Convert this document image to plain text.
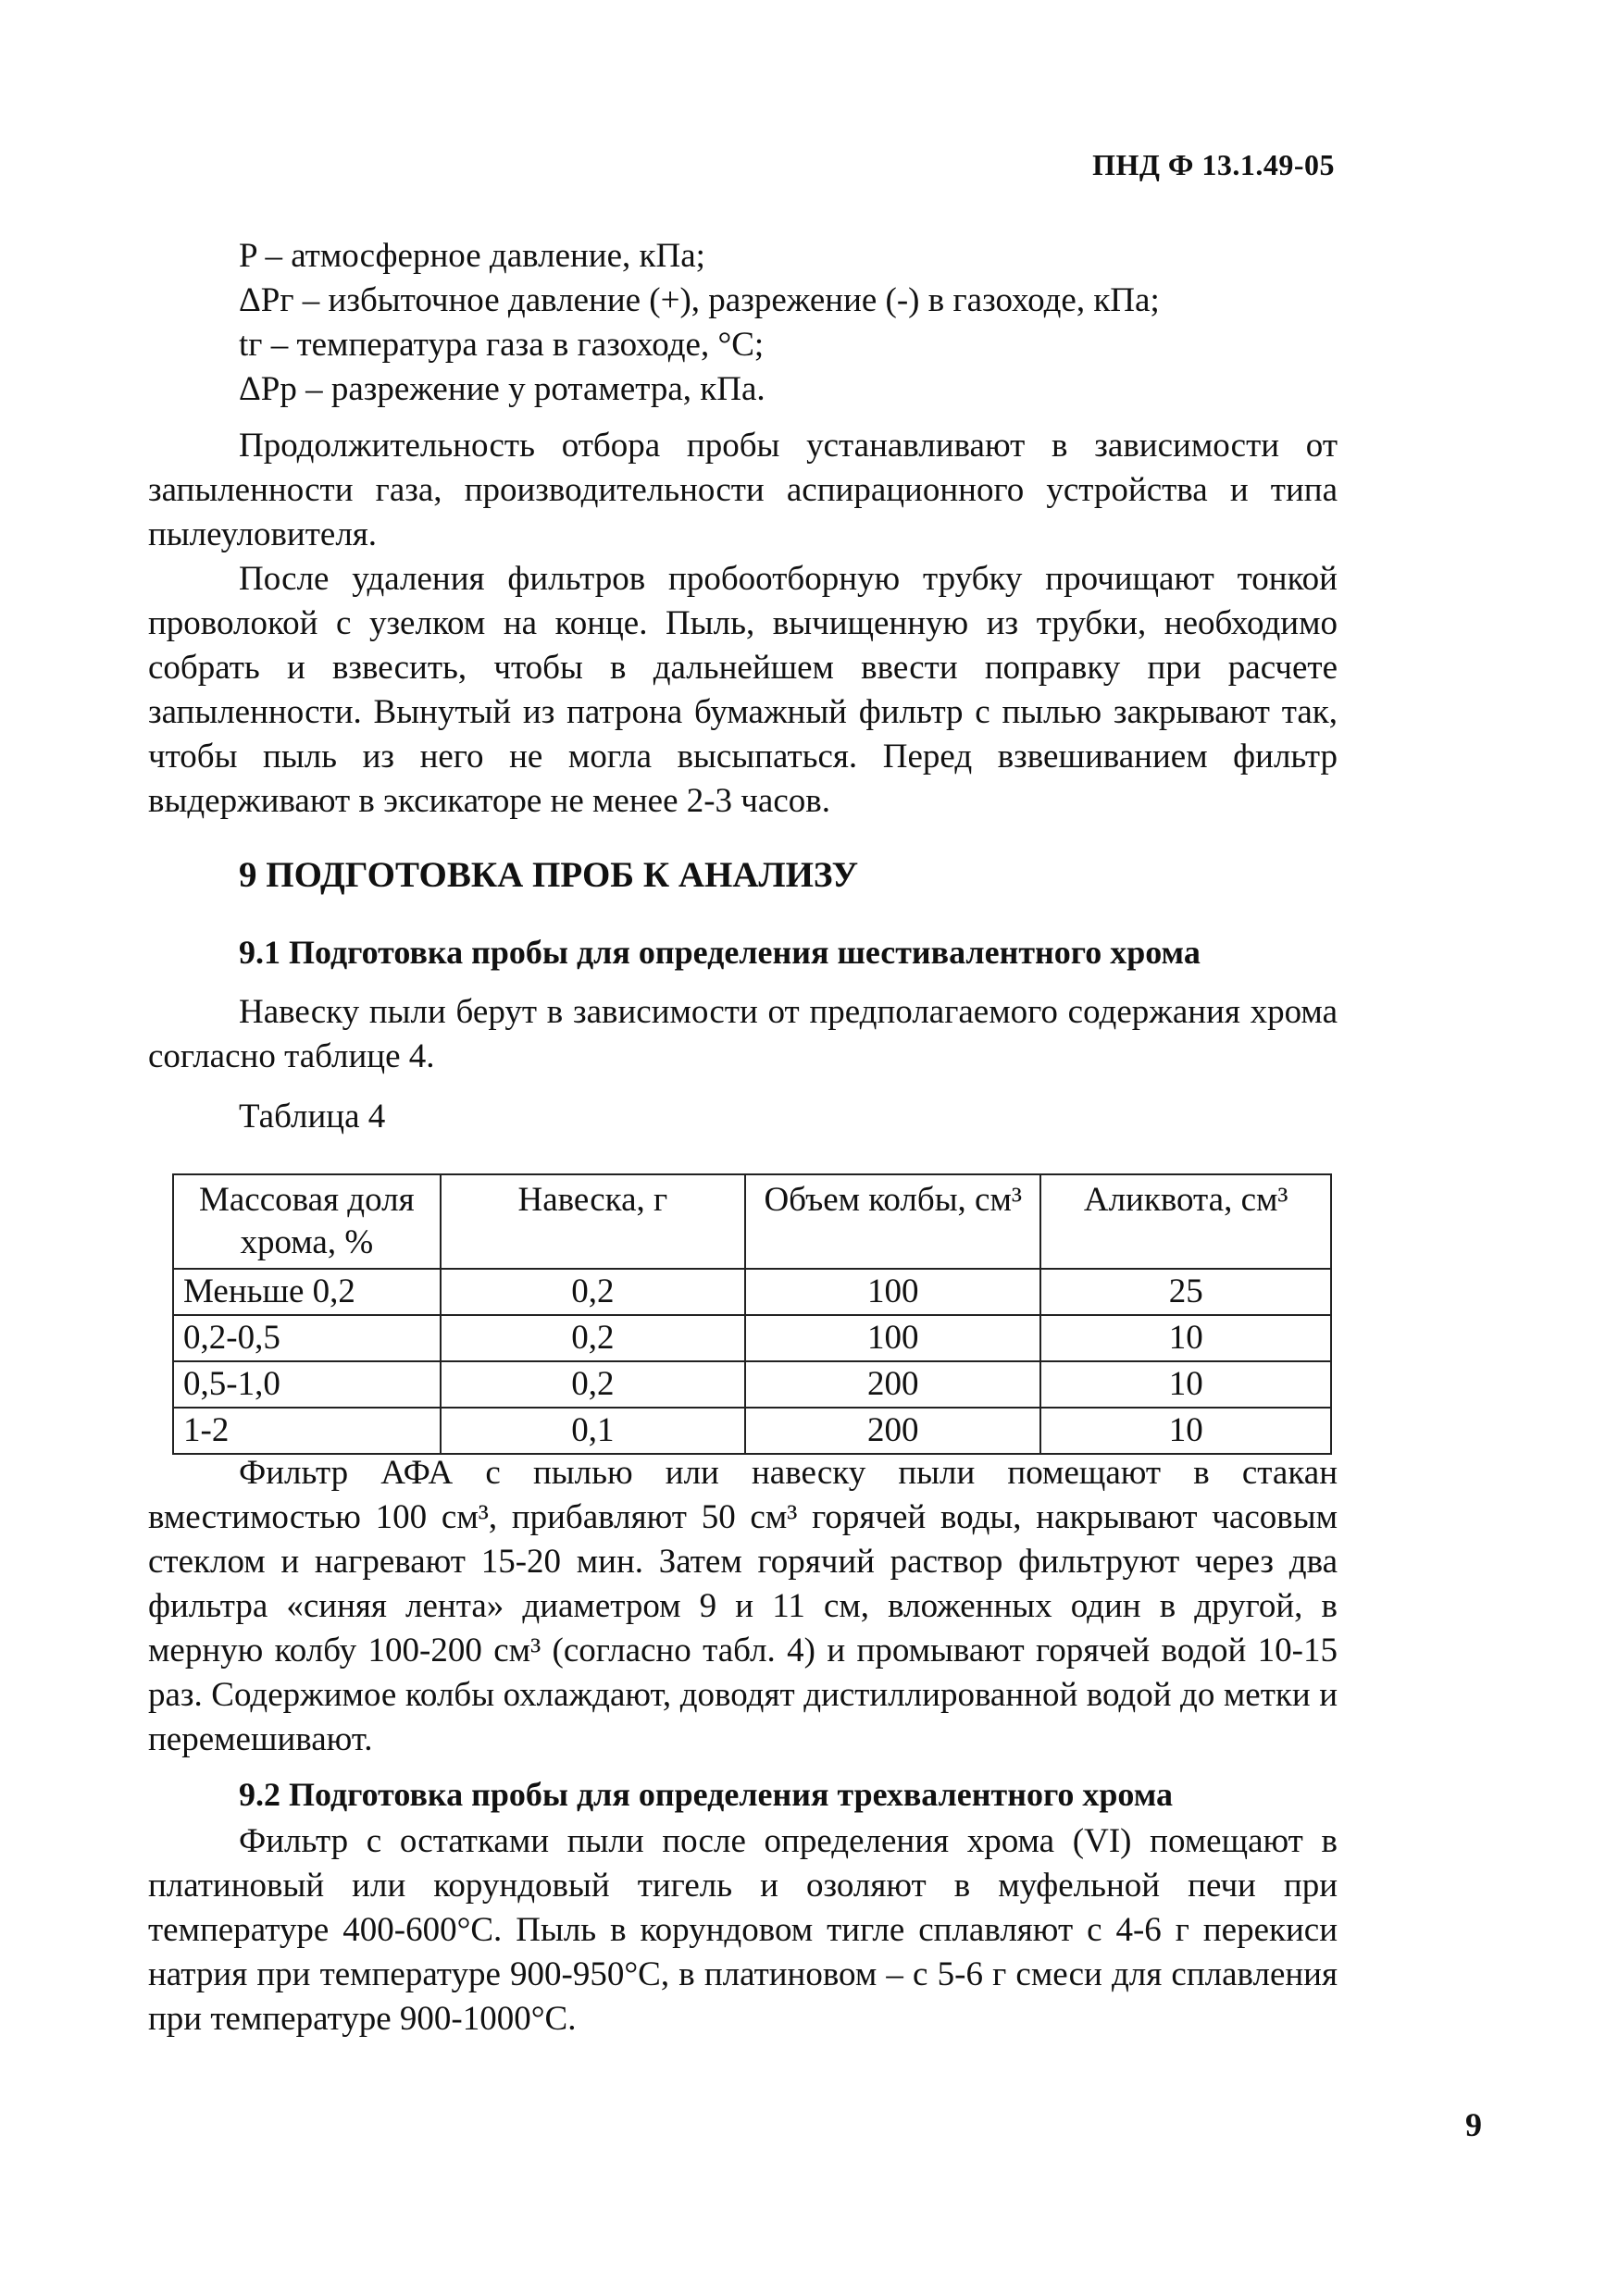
ПНД Ф 13.1.49-05
P – атмосферное давление, кПа;
ΔPг – избыточное давление (+), разрежение (-) в газоходе, кПа;
tг – температура газа в газоходе, °С;
ΔPр – разрежение у ротаметра, кПа.

Продолжительность отбора пробы устанавливают в зависимости от запыленности газа, производительности аспирационного устройства и типа пылеуловителя.

После удаления фильтров пробоотборную трубку прочищают тонкой проволокой с узелком на конце. Пыль, вычищенную из трубки, необходимо собрать и взвесить, чтобы в дальнейшем ввести поправку при расчете запыленности. Вынутый из патрона бумажный фильтр с пылью закрывают так, чтобы пыль из него не могла высыпаться. Перед взвешиванием фильтр выдерживают в эксикаторе не менее 2-3 часов.

9 ПОДГОТОВКА ПРОБ К АНАЛИЗУ
9.1 Подготовка пробы для определения шестивалентного хрома

Навеску пыли берут в зависимости от предполагаемого содержания хрома согласно таблице 4.

Таблица 4
Массовая доля хрома, %	Навеска, г	Объем колбы, см³	Аликвота, см³
Меньше 0,2	0,2	100	25
0,2-0,5	0,2	100	10
0,5-1,0	0,2	200	10
1-2	0,1	200	10

Фильтр АФА с пылью или навеску пыли помещают в стакан вместимостью 100 см³, прибавляют 50 см³ горячей воды, накрывают часовым стеклом и нагревают 15-20 мин. Затем горячий раствор фильтруют через два фильтра «синяя лента» диаметром 9 и 11 см, вложенных один в другой, в мерную колбу 100-200 см³ (согласно табл. 4) и промывают горячей водой 10-15 раз. Содержимое колбы охлаждают, доводят дистиллированной водой до метки и перемешивают.

9.2 Подготовка пробы для определения трехвалентного хрома

Фильтр с остатками пыли после определения хрома (VI) помещают в платиновый или корундовый тигель и озоляют в муфельной печи при температуре 400-600°С. Пыль в корундовом тигле сплавляют с 4-6 г перекиси натрия при температуре 900-950°С, в платиновом – с 5-6 г смеси для сплавления при температуре 900-1000°С.

9
